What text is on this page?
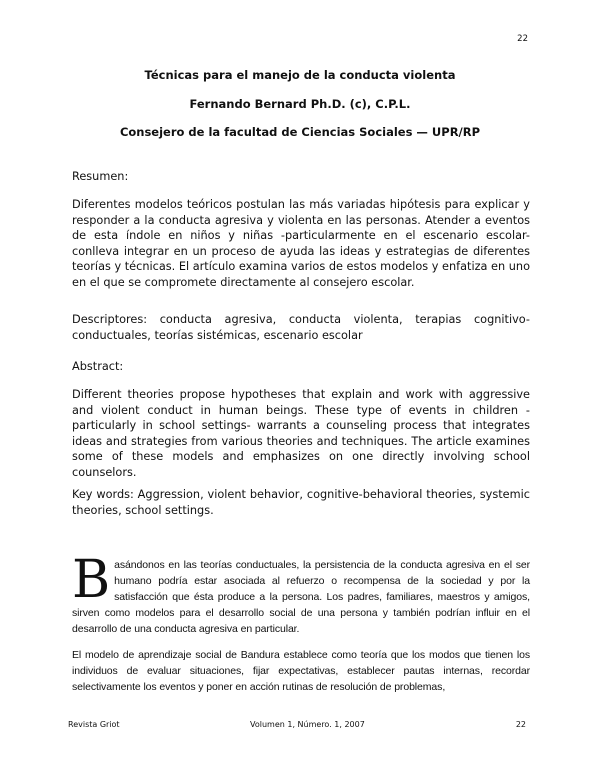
22
Técnicas para el manejo de la conducta violenta
Fernando Bernard Ph.D. (c), C.P.L.
Consejero de la facultad de Ciencias Sociales — UPR/RP
Resumen:
Diferentes modelos teóricos postulan las más variadas hipótesis para explicar y responder a la conducta agresiva y violenta en las personas. Atender a eventos de esta índole en niños y niñas -particularmente en el escenario escolar- conlleva integrar en un proceso de ayuda las ideas y estrategias de diferentes teorías y técnicas. El artículo examina varios de estos modelos y enfatiza en uno en el que se compromete directamente al consejero escolar.
Descriptores: conducta agresiva, conducta violenta, terapias cognitivo-conductuales, teorías sistémicas, escenario escolar
Abstract:
Different theories propose hypotheses that explain and work with aggressive and violent conduct in human beings. These type of events in children -particularly in school settings- warrants a counseling process that integrates ideas and strategies from various theories and techniques. The article examines some of these models and emphasizes on one directly involving school counselors.
Key words: Aggression, violent behavior, cognitive-behavioral theories, systemic theories, school settings.
Basándonos en las teorías conductuales, la persistencia de la conducta agresiva en el ser humano podría estar asociada al refuerzo o recompensa de la sociedad y por la satisfacción que ésta produce a la persona. Los padres, familiares, maestros y amigos, sirven como modelos para el desarrollo social de una persona y también podrían influir en el desarrollo de una conducta agresiva en particular.
El modelo de aprendizaje social de Bandura establece como teoría que los modos que tienen los individuos de evaluar situaciones, fijar expectativas, establecer pautas internas, recordar selectivamente los eventos y poner en acción rutinas de resolución de problemas,
Revista Griot	Volumen 1, Número. 1, 2007	22
